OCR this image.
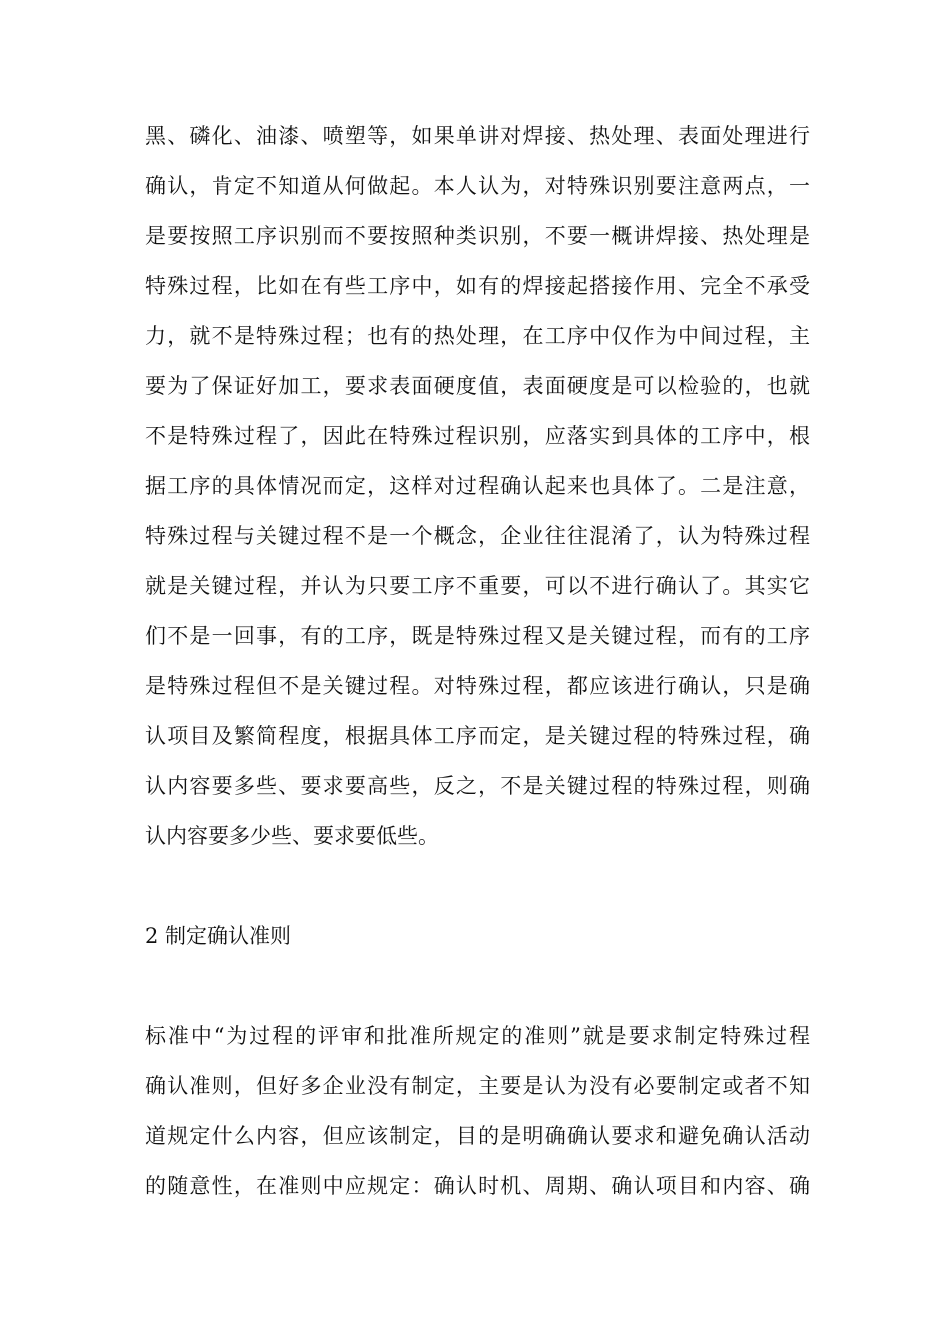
黑、磷化、油漆、喷塑等，如果单讲对焊接、热处理、表面处理进行
确认，肯定不知道从何做起。本人认为，对特殊识别要注意两点，一
是要按照工序识别而不要按照种类识别，不要一概讲焊接、热处理是
特殊过程，比如在有些工序中，如有的焊接起搭接作用、完全不承受
力，就不是特殊过程；也有的热处理，在工序中仅作为中间过程，主
要为了保证好加工，要求表面硬度值，表面硬度是可以检验的，也就
不是特殊过程了，因此在特殊过程识别，应落实到具体的工序中，根
据工序的具体情况而定，这样对过程确认起来也具体了。二是注意，
特殊过程与关键过程不是一个概念，企业往往混淆了，认为特殊过程
就是关键过程，并认为只要工序不重要，可以不进行确认了。其实它
们不是一回事，有的工序，既是特殊过程又是关键过程，而有的工序
是特殊过程但不是关键过程。对特殊过程，都应该进行确认，只是确
认项目及繁简程度，根据具体工序而定，是关键过程的特殊过程，确
认内容要多些、要求要高些，反之，不是关键过程的特殊过程，则确
认内容要多少些、要求要低些。
2 制定确认准则
标准中“为过程的评审和批准所规定的准则”就是要求制定特殊过程
确认准则，但好多企业没有制定，主要是认为没有必要制定或者不知
道规定什么内容，但应该制定，目的是明确确认要求和避免确认活动
的随意性，在准则中应规定：确认时机、周期、确认项目和内容、确
